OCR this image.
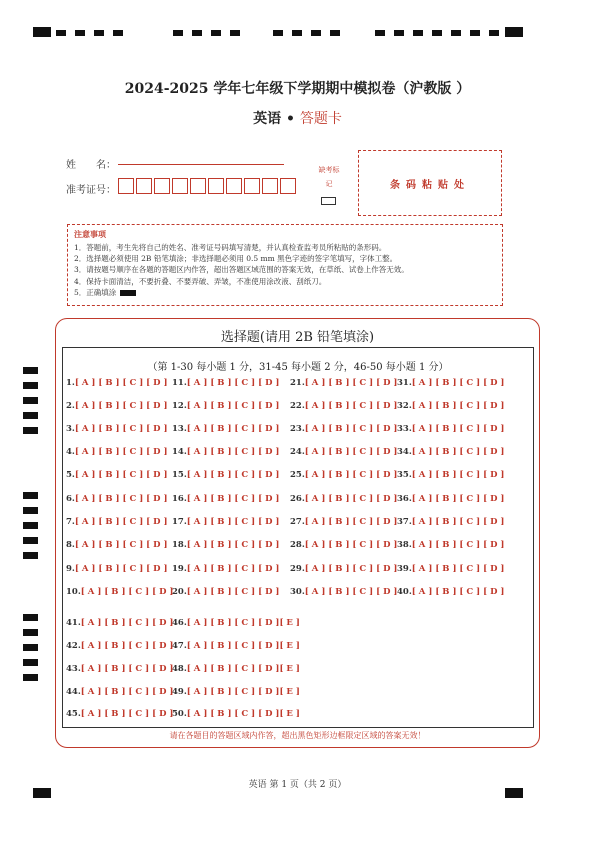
2024-2025 学年七年级下学期期中模拟卷（沪教版 ）
英语 • 答题卡
姓　　名：
准考证号：
缺考标记	条码粘贴处
注意事项
1．答题前，考生先将自己的姓名、准考证号码填写清楚，并认真检查监考员所粘贴的条形码。
2．选择题必须使用 2B 铅笔填涂；非选择题必须用 0.5 mm 黑色字迹的签字笔填写，字体工整。
3．请按题号顺序在各题的答题区内作答，超出答题区域范围的答案无效，在草纸、试卷上作答无效。
4．保持卡面清洁，不要折叠、不要弄破、弄皱，不准使用涂改液、刮纸刀。
5．正确填涂
选择题(请用 2B 铅笔填涂)
（第 1-30 每小题 1 分，31-45 每小题 2 分，46-50 每小题 1 分）
1.[ A ] [ B ] [ C ] [ D ]
2.[ A ] [ B ] [ C ] [ D ]
3.[ A ] [ B ] [ C ] [ D ]
4.[ A ] [ B ] [ C ] [ D ]
5.[ A ] [ B ] [ C ] [ D ]
6.[ A ] [ B ] [ C ] [ D ]
7.[ A ] [ B ] [ C ] [ D ]
8.[ A ] [ B ] [ C ] [ D ]
9.[ A ] [ B ] [ C ] [ D ]
10.[ A ] [ B ] [ C ] [ D ]
11.[ A ] [ B ] [ C ] [ D ]
12.[ A ] [ B ] [ C ] [ D ]
13.[ A ] [ B ] [ C ] [ D ]
14.[ A ] [ B ] [ C ] [ D ]
15.[ A ] [ B ] [ C ] [ D ]
16.[ A ] [ B ] [ C ] [ D ]
17.[ A ] [ B ] [ C ] [ D ]
18.[ A ] [ B ] [ C ] [ D ]
19.[ A ] [ B ] [ C ] [ D ]
20.[ A ] [ B ] [ C ] [ D ]
21.[ A ] [ B ] [ C ] [ D ]
22.[ A ] [ B ] [ C ] [ D ]
23.[ A ] [ B ] [ C ] [ D ]
24.[ A ] [ B ] [ C ] [ D ]
25.[ A ] [ B ] [ C ] [ D ]
26.[ A ] [ B ] [ C ] [ D ]
27.[ A ] [ B ] [ C ] [ D ]
28.[ A ] [ B ] [ C ] [ D ]
29.[ A ] [ B ] [ C ] [ D ]
30.[ A ] [ B ] [ C ] [ D ]
31.[ A ] [ B ] [ C ] [ D ]
32.[ A ] [ B ] [ C ] [ D ]
33.[ A ] [ B ] [ C ] [ D ]
34.[ A ] [ B ] [ C ] [ D ]
35.[ A ] [ B ] [ C ] [ D ]
36.[ A ] [ B ] [ C ] [ D ]
37.[ A ] [ B ] [ C ] [ D ]
38.[ A ] [ B ] [ C ] [ D ]
39.[ A ] [ B ] [ C ] [ D ]
40.[ A ] [ B ] [ C ] [ D ]
41.[ A ] [ B ] [ C ] [ D ]
42.[ A ] [ B ] [ C ] [ D ]
43.[ A ] [ B ] [ C ] [ D ]
44.[ A ] [ B ] [ C ] [ D ]
45.[ A ] [ B ] [ C ] [ D ]
46.[ A ] [ B ] [ C ] [ D ][ E ]
47.[ A ] [ B ] [ C ] [ D ][ E ]
48.[ A ] [ B ] [ C ] [ D ][ E ]
49.[ A ] [ B ] [ C ] [ D ][ E ]
50.[ A ] [ B ] [ C ] [ D ][ E ]
请在各题目的答题区域内作答，超出黑色矩形边框限定区域的答案无效！
英语 第 1 页（共 2 页）
